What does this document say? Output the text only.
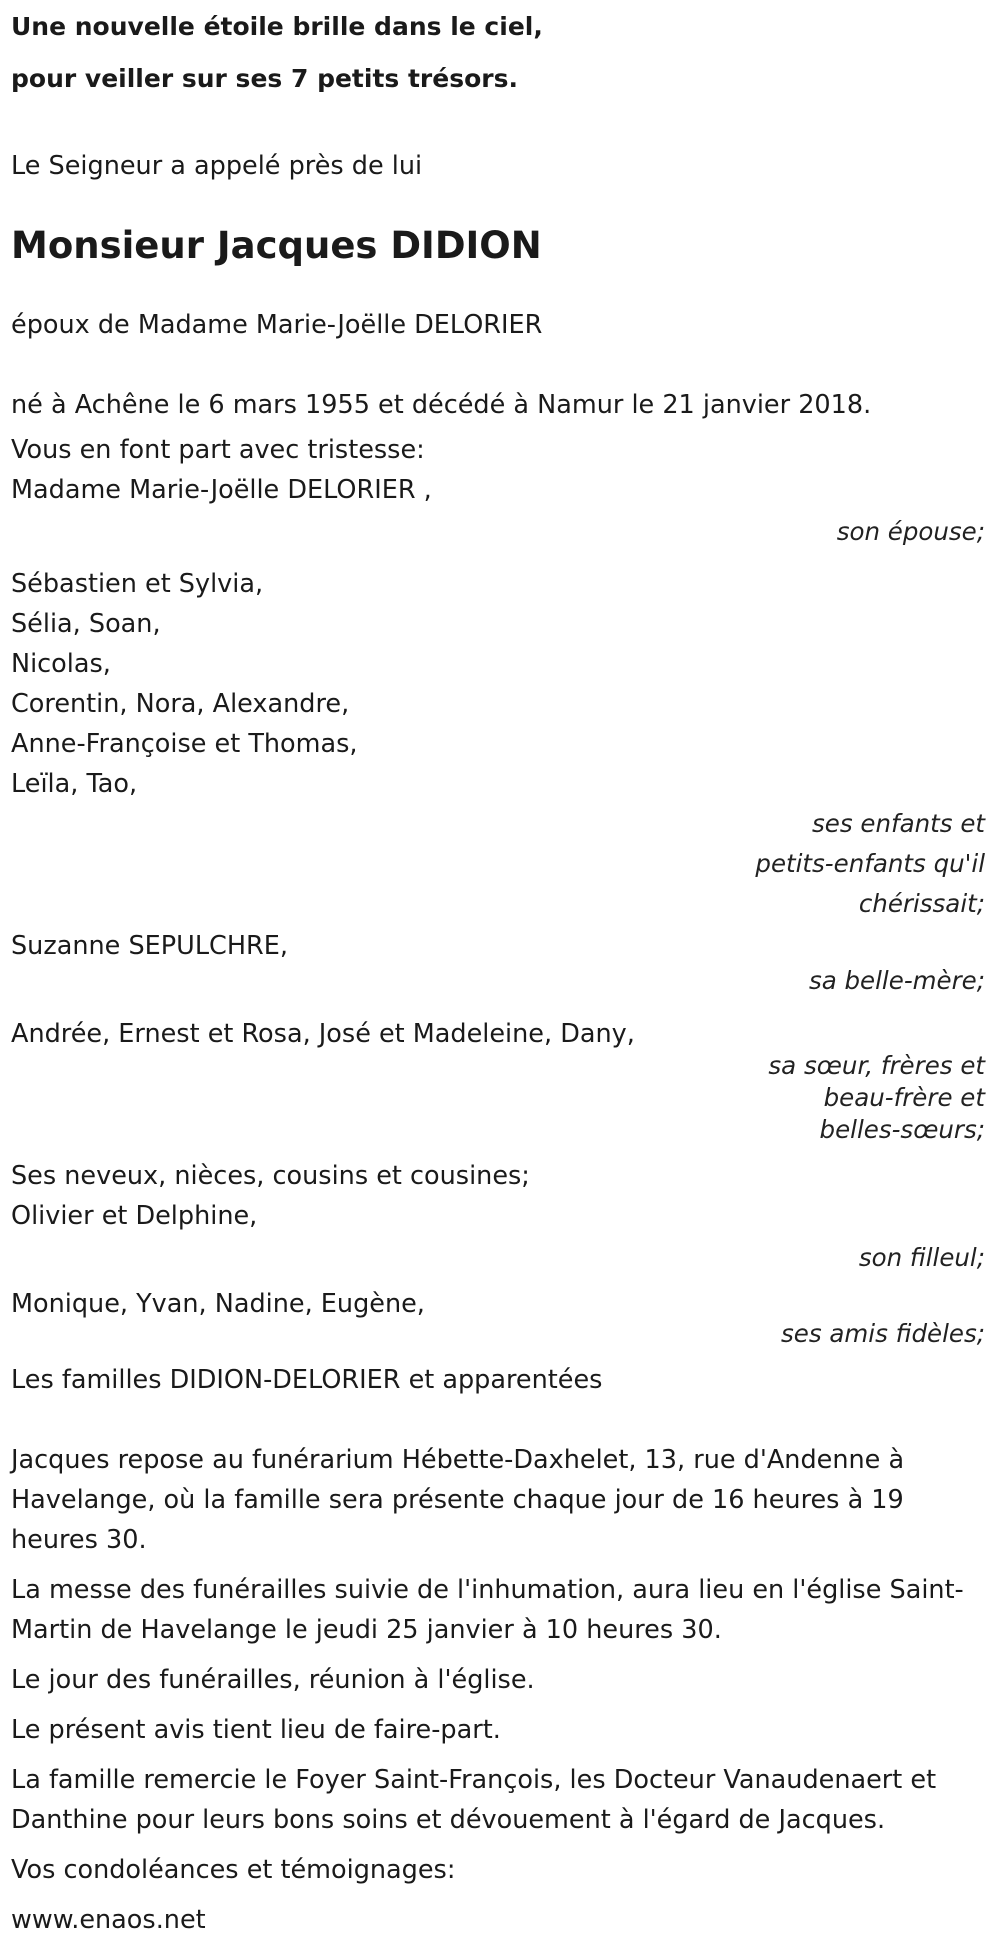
Une nouvelle étoile brille dans le ciel,

pour veiller sur ses 7 petits trésors.

Le Seigneur a appelé près de lui

Monsieur Jacques DIDION

époux de Madame Marie-Joëlle DELORIER

né à Achêne le 6 mars 1955 et décédé à Namur le 21 janvier 2018.

Vous en font part avec tristesse:

Madame Marie-Joëlle DELORIER ,

son épouse;

Sébastien et Sylvia,

Sélia, Soan,

Nicolas,

Corentin, Nora, Alexandre,

Anne-Françoise et Thomas,

Leïla, Tao,

ses enfants et

petits-enfants qu'il

chérissait;

Suzanne SEPULCHRE,

sa belle-mère;

Andrée, Ernest et Rosa, José et Madeleine, Dany,

sa sœur, frères et

beau-frère et

belles-sœurs;

Ses neveux, nièces, cousins et cousines;

Olivier et Delphine,

son filleul;

Monique, Yvan, Nadine, Eugène,

ses amis fidèles;

Les familles DIDION-DELORIER et apparentées

Jacques repose au funérarium Hébette-Daxhelet, 13, rue d'Andenne à Havelange, où la famille sera présente chaque jour de 16 heures à 19 heures 30.

La messe des funérailles suivie de l'inhumation, aura lieu en l'église Saint-Martin de Havelange le jeudi 25 janvier à 10 heures 30.

Le jour des funérailles, réunion à l'église.

Le présent avis tient lieu de faire-part.

La famille remercie le Foyer Saint-François, les Docteur Vanaudenaert et Danthine pour leurs bons soins et dévouement à l'égard de Jacques.

Vos condoléances et témoignages:

www.enaos.net
